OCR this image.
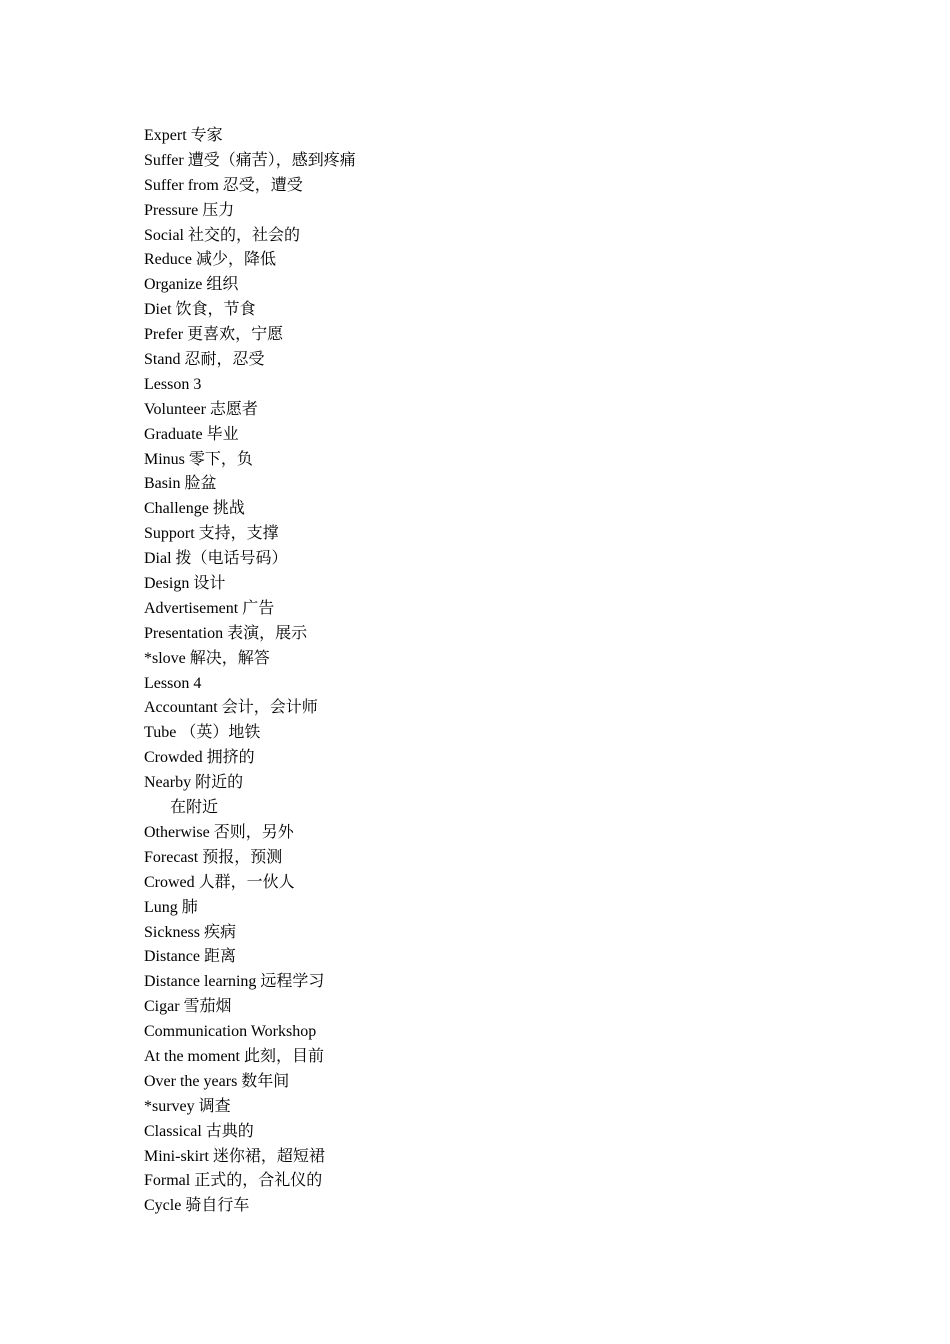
Expert 专家
Suffer 遭受（痛苦），感到疼痛
Suffer from 忍受，遭受
Pressure 压力
Social 社交的，社会的
Reduce 减少，降低
Organize 组织
Diet 饮食，节食
Prefer 更喜欢，宁愿
Stand 忍耐，忍受
Lesson 3
Volunteer 志愿者
Graduate 毕业
Minus 零下，负
Basin 脸盆
Challenge 挑战
Support 支持，支撑
Dial 拨（电话号码）
Design 设计
Advertisement 广告
Presentation 表演，展示
*slove 解决，解答
Lesson 4
Accountant 会计，会计师
Tube （英）地铁
Crowded 拥挤的
Nearby 附近的
在附近
Otherwise 否则，另外
Forecast 预报，预测
Crowed 人群，一伙人
Lung 肺
Sickness 疾病
Distance 距离
Distance learning 远程学习
Cigar 雪茄烟
Communication Workshop
At the moment 此刻，目前
Over the years 数年间
*survey 调查
Classical 古典的
Mini-skirt 迷你裙，超短裙
Formal 正式的，合礼仪的
Cycle 骑自行车
